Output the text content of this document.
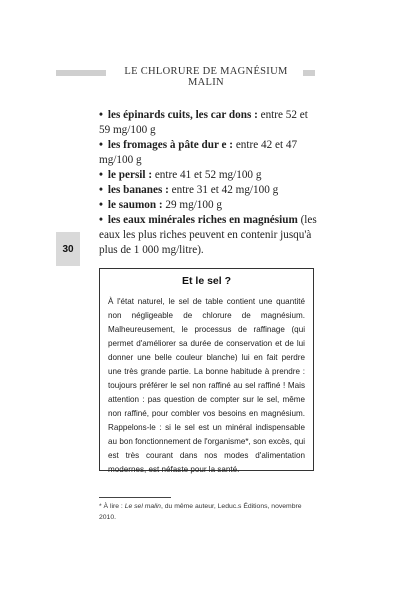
LE CHLORURE DE MAGNÉSIUM MALIN
30

• les épinards cuits, les car dons : entre 52 et 59 mg/100 g

• les fromages à pâte dur e : entre 42 et 47 mg/100 g

• le persil : entre 41 et 52 mg/100 g

• les bananes : entre 31 et 42 mg/100 g

• le saumon : 29 mg/100 g

• les eaux minérales riches en magnésium (les eaux les plus riches peuvent en contenir jusqu'à plus de 1 000 mg/litre).

Et le sel ?

À l'état naturel, le sel de table contient une quantité non négligeable de chlorure de magnésium. Malheureusement, le processus de raffinage (qui permet d'améliorer sa durée de conservation et de lui donner une belle couleur blanche) lui en fait perdre une très grande partie. La bonne habitude à prendre : toujours préférer le sel non raffiné au sel raffiné ! Mais attention : pas question de compter sur le sel, même non raffiné, pour combler vos besoins en magnésium. Rappelons-le : si le sel est un minéral indispensable au bon fonctionnement de l'organisme*, son excès, qui est très courant dans nos modes d'alimentation modernes, est néfaste pour la santé.

* À lire : Le sel malin, du même auteur, Leduc.s Éditions, novembre 2010.
